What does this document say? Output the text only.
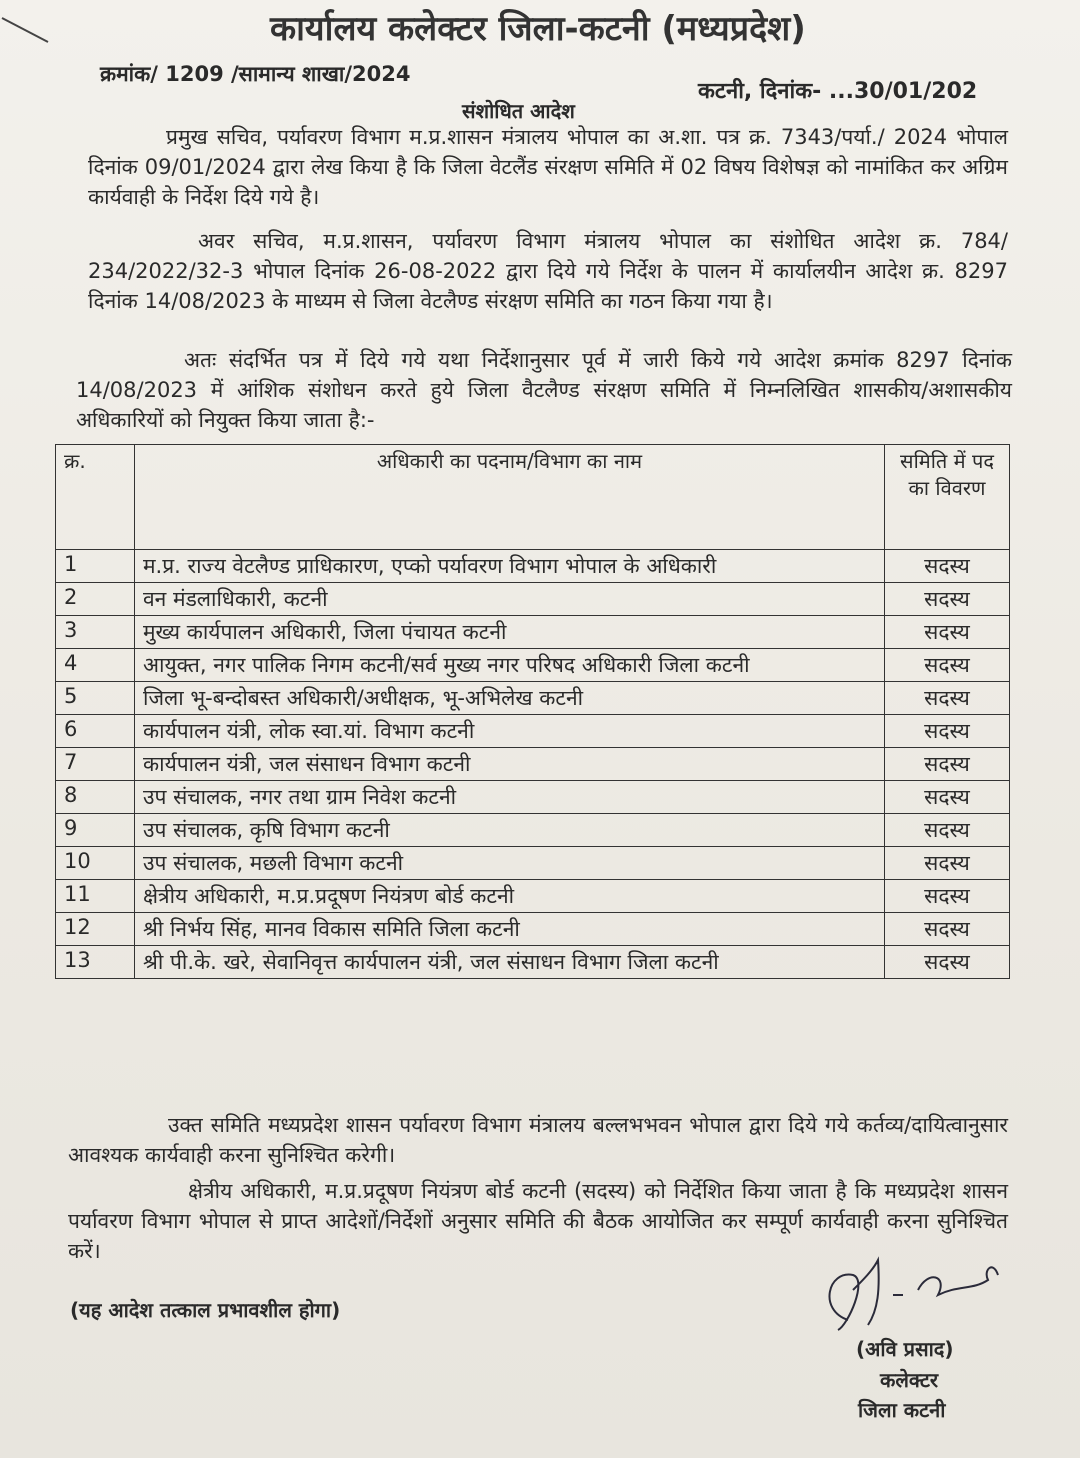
कार्यालय कलेक्टर जिला-कटनी (मध्यप्रदेश)
क्रमांक/ 1209 /सामान्य शाखा/2024
कटनी, दिनांक- ...30/01/202
संशोधित आदेश
प्रमुख सचिव, पर्यावरण विभाग म.प्र.शासन मंत्रालय भोपाल का अ.शा. पत्र क्र. 7343/पर्या./ 2024 भोपाल दिनांक 09/01/2024 द्वारा लेख किया है कि जिला वेटलैंड संरक्षण समिति में 02 विषय विशेषज्ञ को नामांकित कर अग्रिम कार्यवाही के निर्देश दिये गये है।
अवर सचिव, म.प्र.शासन, पर्यावरण विभाग मंत्रालय भोपाल का संशोधित आदेश क्र. 784/ 234/2022/32-3 भोपाल दिनांक 26-08-2022 द्वारा दिये गये निर्देश के पालन में कार्यालयीन आदेश क्र. 8297 दिनांक 14/08/2023 के माध्यम से जिला वेटलैण्ड संरक्षण समिति का गठन किया गया है।
अतः संदर्भित पत्र में दिये गये यथा निर्देशानुसार पूर्व में जारी किये गये आदेश क्रमांक 8297 दिनांक 14/08/2023 में आंशिक संशोधन करते हुये जिला वैटलैण्ड संरक्षण समिति में निम्नलिखित शासकीय/अशासकीय अधिकारियों को नियुक्त किया जाता है:-
क्र.	अधिकारी का पदनाम/विभाग का नाम	समिति में पद का विवरण
1	म.प्र. राज्य वेटलैण्ड प्राधिकारण, एप्को पर्यावरण विभाग भोपाल के अधिकारी	सदस्य
2	वन मंडलाधिकारी, कटनी	सदस्य
3	मुख्य कार्यपालन अधिकारी, जिला पंचायत कटनी	सदस्य
4	आयुक्त, नगर पालिक निगम कटनी/सर्व मुख्य नगर परिषद अधिकारी जिला कटनी	सदस्य
5	जिला भू-बन्दोबस्त अधिकारी/अधीक्षक, भू-अभिलेख कटनी	सदस्य
6	कार्यपालन यंत्री, लोक स्वा.यां. विभाग कटनी	सदस्य
7	कार्यपालन यंत्री, जल संसाधन विभाग कटनी	सदस्य
8	उप संचालक, नगर तथा ग्राम निवेश कटनी	सदस्य
9	उप संचालक, कृषि विभाग कटनी	सदस्य
10	उप संचालक, मछली विभाग कटनी	सदस्य
11	क्षेत्रीय अधिकारी, म.प्र.प्रदूषण नियंत्रण बोर्ड कटनी	सदस्य
12	श्री निर्भय सिंह, मानव विकास समिति जिला कटनी	सदस्य
13	श्री पी.के. खरे, सेवानिवृत्त कार्यपालन यंत्री, जल संसाधन विभाग जिला कटनी	सदस्य
उक्त समिति मध्यप्रदेश शासन पर्यावरण विभाग मंत्रालय बल्लभभवन भोपाल द्वारा दिये गये कर्तव्य/दायित्वानुसार आवश्यक कार्यवाही करना सुनिश्चित करेगी।
क्षेत्रीय अधिकारी, म.प्र.प्रदूषण नियंत्रण बोर्ड कटनी (सदस्य) को निर्देशित किया जाता है कि मध्यप्रदेश शासन पर्यावरण विभाग भोपाल से प्राप्त आदेशों/निर्देशों अनुसार समिति की बैठक आयोजित कर सम्पूर्ण कार्यवाही करना सुनिश्चित करें।
(यह आदेश तत्काल प्रभावशील होगा)
(अवि प्रसाद)
कलेक्टर
जिला कटनी
